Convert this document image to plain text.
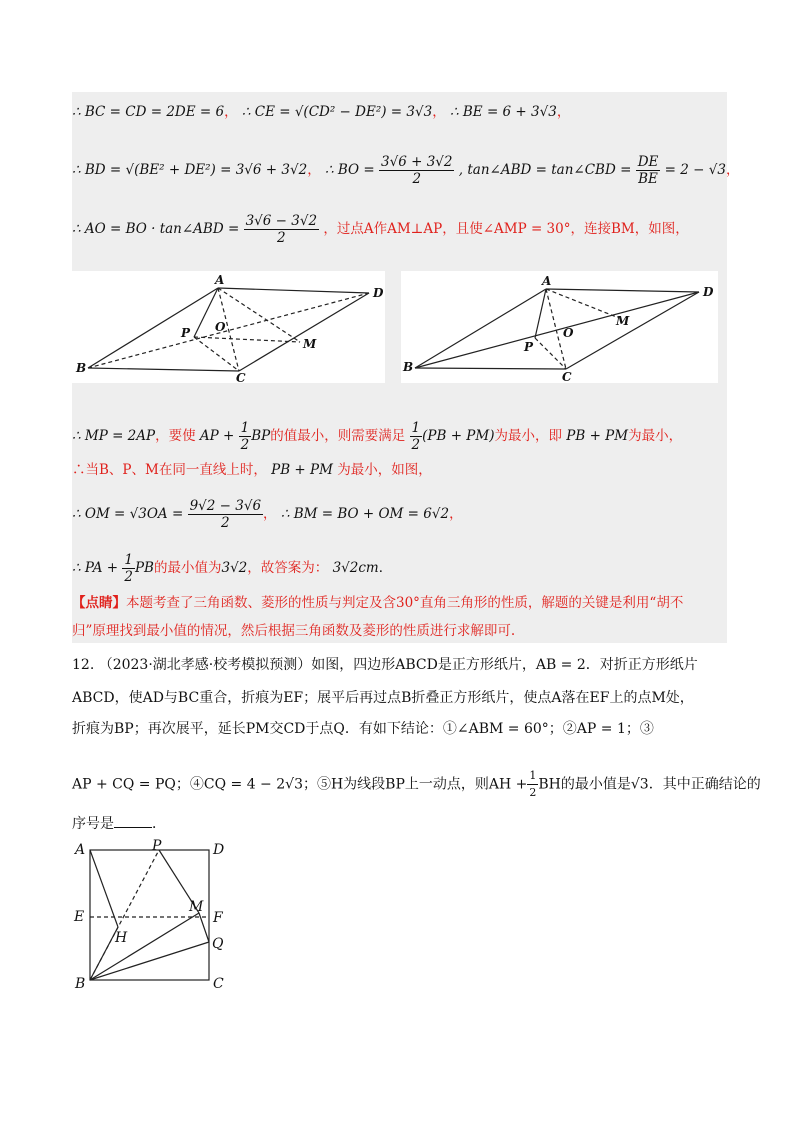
∴ BC = CD = 2DE = 6， ∴ CE = √(CD² − DE²) = 3√3， ∴ BE = 6 + 3√3，
∴ BD = √(BE² + DE²) = 3√6 + 3√2， ∴ BO = $\frac{3√6 + 3√2}{2}$ , tan∠ABD = tan∠CBD = $\frac{DE}{BE} = 2 - √3$，
∴ AO = BO · tan∠ABD = $\frac{3√6 - 3√2}{2}$ ，过点A作AM⊥AP，且使∠AMP = 30°，连接BM，如图，
A
D
O
P
M
B
C
A
D
M
O
P
B
C
∴ MP = 2AP，要使 AP + $\frac{1}{2}$ BP的值最小，则需要满足 $\frac{1}{2} (PB + PM)$为最小，即 PB + PM为最小，
∴当B、P、M在同一直线上时， PB + PM 为最小，如图，
∴ OM = $√3OA = \frac{9√2 - 3√6}{2}$ ， ∴ BM = BO + OM = 6√2，
∴ PA + $\frac{1}{2}$ PB的最小值为3√2，故答案为： 3√2cm．
【点睛】本题考查了三角函数、菱形的性质与判定及含30°直角三角形的性质，解题的关键是利用“胡不
归”原理找到最小值的情况，然后根据三角函数及菱形的性质进行求解即可.
12. （2023·湖北孝感·校考模拟预测）如图，四边形ABCD是正方形纸片，AB = 2．对折正方形纸片
ABCD，使AD与BC重合，折痕为EF；展平后再过点B折叠正方形纸片，使点A落在EF上的点M处，
折痕为BP；再次展平，延长PM交CD于点Q．有如下结论：①∠ABM = 60°；②AP = 1；③
AP + CQ = PQ；④CQ = 4 − 2√3；⑤H为线段BP上一动点，则AH + $\frac{1}{2}$ BH的最小值是√3．其中正确结论的
序号是	．
A	P	D
E
M
F
H	Q
B	C
